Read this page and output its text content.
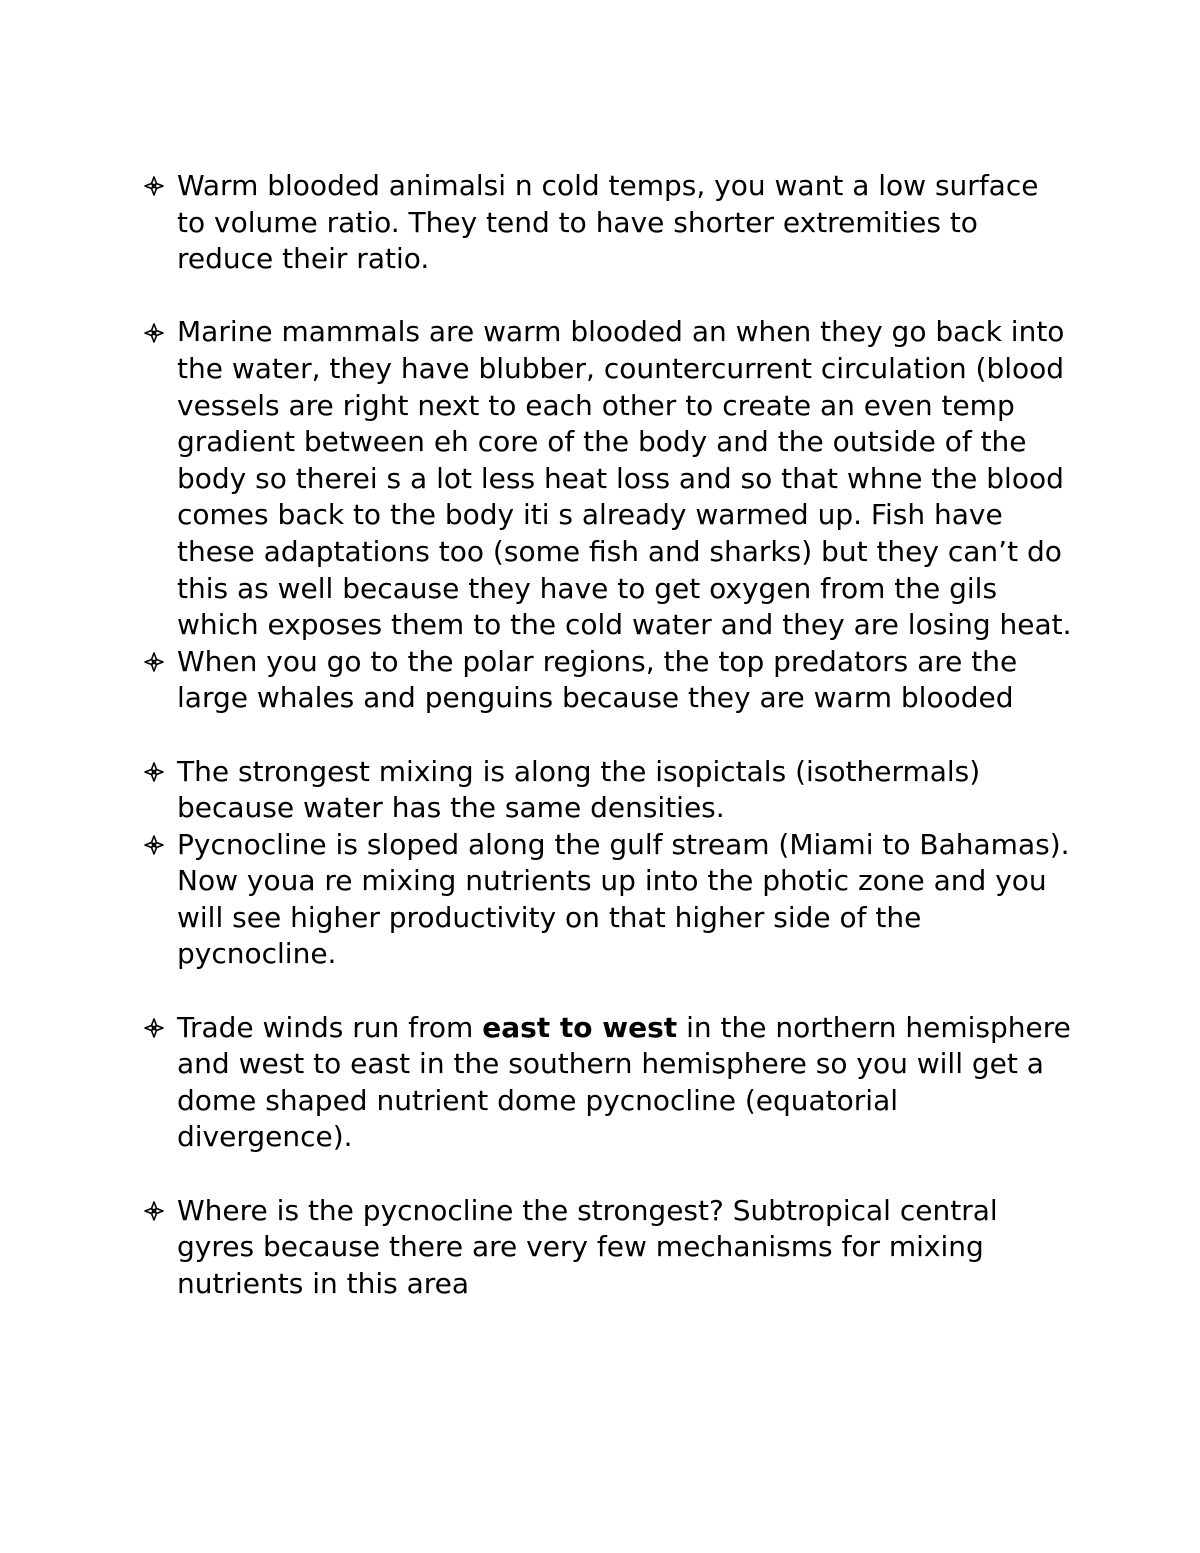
Warm blooded animalsi n cold temps, you want a low surface to volume ratio. They tend to have shorter extremities to reduce their ratio.
Marine mammals are warm blooded an when they go back into the water, they have blubber, countercurrent circulation (blood vessels are right next to each other to create an even temp gradient between eh core of the body and the outside of the body so therei s a lot less heat loss and so that whne the blood comes back to the body iti s already warmed up. Fish have these adaptations too (some fish and sharks) but they can’t do this as well because they have to get oxygen from the gils which exposes them to the cold water and they are losing heat.
When you go to the polar regions, the top predators are the large whales and penguins because they are warm blooded
The strongest mixing is along the isopictals (isothermals) because water has the same densities.
Pycnocline is sloped along the gulf stream (Miami to Bahamas). Now youa re mixing nutrients up into the photic zone and you will see higher productivity on that higher side of the pycnocline.
Trade winds run from east to west in the northern hemisphere and west to east in the southern hemisphere so you will get a dome shaped nutrient dome pycnocline (equatorial divergence).
Where is the pycnocline the strongest? Subtropical central gyres because there are very few mechanisms for mixing nutrients in this area
